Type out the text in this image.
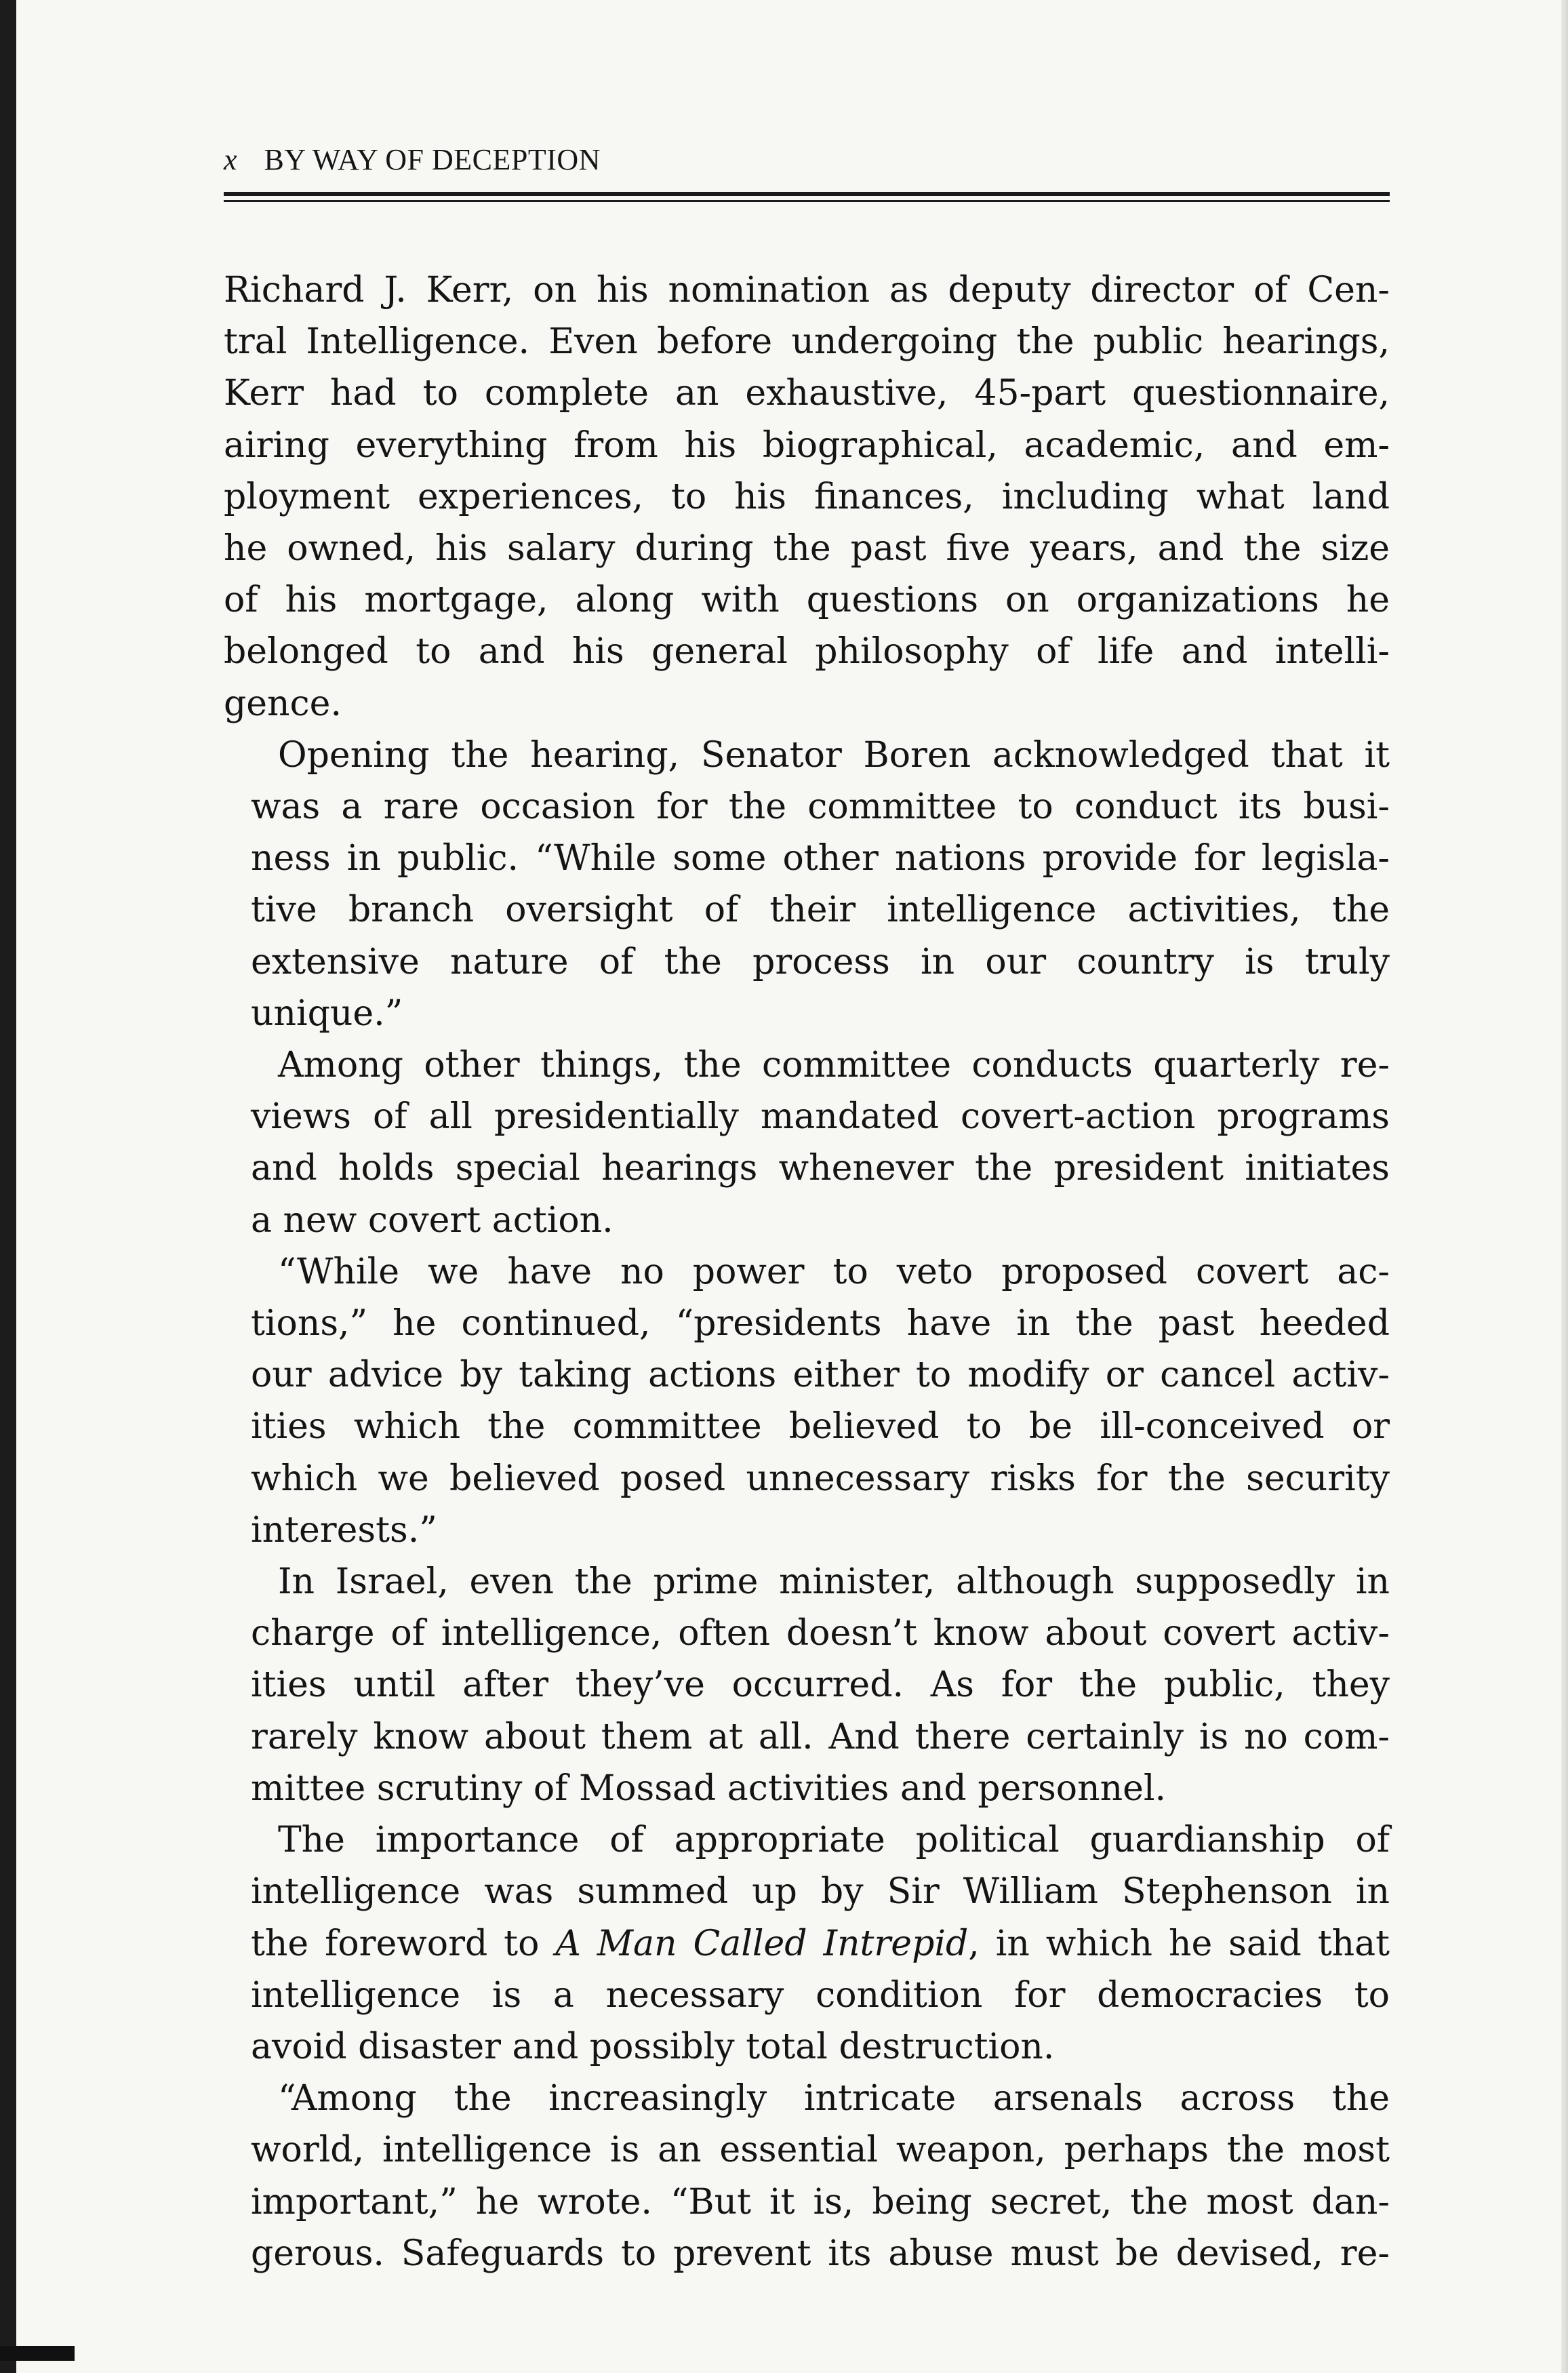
x BY WAY OF DECEPTION

Richard J. Kerr, on his nomination as deputy director of Cen-
tral Intelligence. Even before undergoing the public hearings,
Kerr had to complete an exhaustive, 45-part questionnaire,
airing everything from his biographical, academic, and em-
ployment experiences, to his finances, including what land
he owned, his salary during the past five years, and the size
of his mortgage, along with questions on organizations he
belonged to and his general philosophy of life and intelli-
gence.

Opening the hearing, Senator Boren acknowledged that it
was a rare occasion for the committee to conduct its busi-
ness in public. “While some other nations provide for legisla-
tive branch oversight of their intelligence activities, the
extensive nature of the process in our country is truly
unique.”

Among other things, the committee conducts quarterly re-
views of all presidentially mandated covert-action programs
and holds special hearings whenever the president initiates
a new covert action.

“While we have no power to veto proposed covert ac-
tions,” he continued, “presidents have in the past heeded
our advice by taking actions either to modify or cancel activ-
ities which the committee believed to be ill-conceived or
which we believed posed unnecessary risks for the security
interests.”

In Israel, even the prime minister, although supposedly in
charge of intelligence, often doesn’t know about covert activ-
ities until after they’ve occurred. As for the public, they
rarely know about them at all. And there certainly is no com-
mittee scrutiny of Mossad activities and personnel.

The importance of appropriate political guardianship of
intelligence was summed up by Sir William Stephenson in
the foreword to A Man Called Intrepid, in which he said that
intelligence is a necessary condition for democracies to
avoid disaster and possibly total destruction.

“Among the increasingly intricate arsenals across the
world, intelligence is an essential weapon, perhaps the most
important,” he wrote. “But it is, being secret, the most dan-
gerous. Safeguards to prevent its abuse must be devised, re-
